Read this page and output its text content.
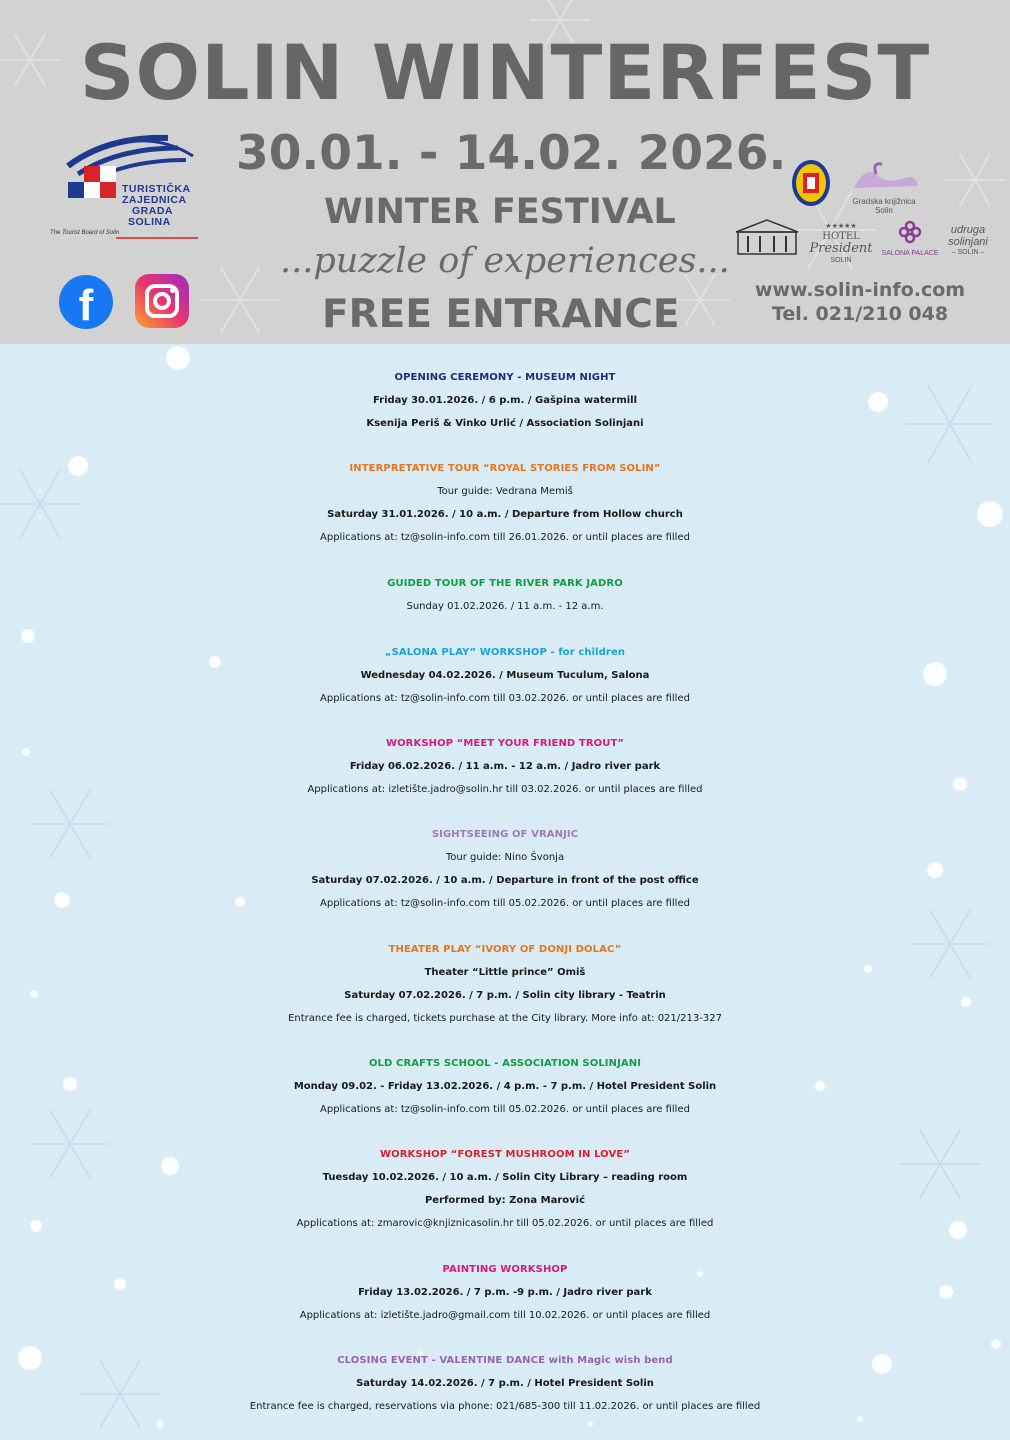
SOLIN WINTERFEST
30.01. - 14.02. 2026.
WINTER FESTIVAL
...puzzle of experiences...
FREE ENTRANCE
www.solin-info.com
Tel. 021/210 048
TURISTIČKA
ZAJEDNICA
GRADA
SOLINA
The Tourist Board of Solin
f
Gradska knjižnica Solin
★★★★★
HOTEL
President
SOLIN
SALONA PALACE
udruga
solinjani
– SOLIN –
OPENING CEREMONY - MUSEUM NIGHT
Friday 30.01.2026. / 6 p.m. / Gašpina watermill
Ksenija Periš & Vinko Urlić / Association Solinjani
INTERPRETATIVE TOUR “ROYAL STORIES FROM SOLIN”
Tour guide: Vedrana Memiš
Saturday 31.01.2026. / 10 a.m. / Departure from Hollow church
Applications at: tz@solin-info.com till 26.01.2026. or until places are filled
GUIDED TOUR OF THE RIVER PARK JADRO
Sunday 01.02.2026. / 11 a.m. - 12 a.m.
„SALONA PLAY” WORKSHOP - for children
Wednesday 04.02.2026. / Museum Tuculum, Salona
Applications at: tz@solin-info.com till 03.02.2026. or until places are filled
WORKSHOP “MEET YOUR FRIEND TROUT”
Friday 06.02.2026. / 11 a.m. - 12 a.m. / Jadro river park
Applications at: izletište.jadro@solin.hr till 03.02.2026. or until places are filled
SIGHTSEEING OF VRANJIC
Tour guide: Nino Švonja
Saturday 07.02.2026. / 10 a.m. / Departure in front of the post office
Applications at: tz@solin-info.com till 05.02.2026. or until places are filled
THEATER PLAY “IVORY OF DONJI DOLAC”
Theater “Little prince” Omiš
Saturday 07.02.2026. / 7 p.m. / Solin city library - Teatrin
Entrance fee is charged, tickets purchase at the City library. More info at: 021/213-327
OLD CRAFTS SCHOOL - ASSOCIATION SOLINJANI
Monday 09.02. - Friday 13.02.2026. / 4 p.m. - 7 p.m. / Hotel President Solin
Applications at: tz@solin-info.com till 05.02.2026. or until places are filled
WORKSHOP “FOREST MUSHROOM IN LOVE”
Tuesday 10.02.2026. / 10 a.m. / Solin City Library – reading room
Performed by: Zona Marović
Applications at: zmarovic@knjiznicasolin.hr till 05.02.2026. or until places are filled
PAINTING WORKSHOP
Friday 13.02.2026. / 7 p.m. -9 p.m. / Jadro river park
Applications at: izletište.jadro@gmail.com till 10.02.2026. or until places are filled
CLOSING EVENT - VALENTINE DANCE with Magic wish bend
Saturday 14.02.2026. / 7 p.m. / Hotel President Solin
Entrance fee is charged, reservations via phone: 021/685-300 till 11.02.2026. or until places are filled
